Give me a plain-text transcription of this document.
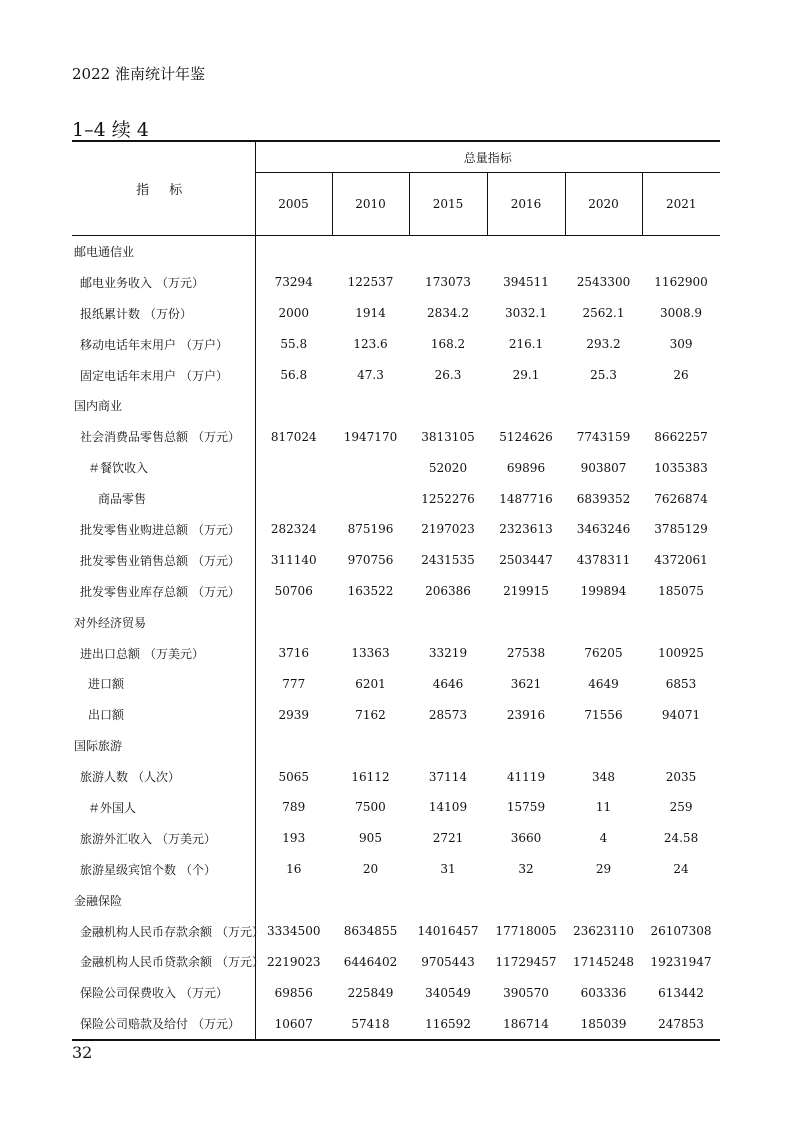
2022 淮南统计年鉴
1–4 续 4
指 标	总量指标					
	2005	2010	2015	2016	2020	2021
邮电通信业						
邮电业务收入 （万元）	73294	122537	173073	394511	2543300	1162900
报纸累计数 （万份）	2000	1914	2834.2	3032.1	2562.1	3008.9
移动电话年末用户 （万户）	55.8	123.6	168.2	216.1	293.2	309
固定电话年末用户 （万户）	56.8	47.3	26.3	29.1	25.3	26
国内商业						
社会消费品零售总额 （万元）	817024	1947170	3813105	5124626	7743159	8662257
＃餐饮收入			52020	69896	903807	1035383
商品零售			1252276	1487716	6839352	7626874
批发零售业购进总额 （万元）	282324	875196	2197023	2323613	3463246	3785129
批发零售业销售总额 （万元）	311140	970756	2431535	2503447	4378311	4372061
批发零售业库存总额 （万元）	50706	163522	206386	219915	199894	185075
对外经济贸易						
进出口总额 （万美元）	3716	13363	33219	27538	76205	100925
进口额	777	6201	4646	3621	4649	6853
出口额	2939	7162	28573	23916	71556	94071
国际旅游						
旅游人数 （人次）	5065	16112	37114	41119	348	2035
＃外国人	789	7500	14109	15759	11	259
旅游外汇收入 （万美元）	193	905	2721	3660	4	24.58
旅游星级宾馆个数 （个）	16	20	31	32	29	24
金融保险						
金融机构人民币存款余额 （万元）	3334500	8634855	14016457	17718005	23623110	26107308
金融机构人民币贷款余额 （万元）	2219023	6446402	9705443	11729457	17145248	19231947
保险公司保费收入 （万元）	69856	225849	340549	390570	603336	613442
保险公司赔款及给付 （万元）	10607	57418	116592	186714	185039	247853
32
